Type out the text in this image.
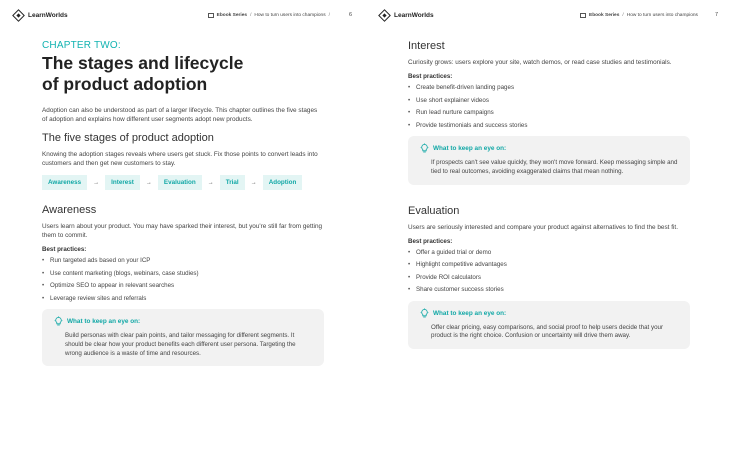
LearnWorlds	Ebook Series / How to turn users into champions /	6
CHAPTER TWO:
The stages and lifecycle
of product adoption

Adoption can also be understood as part of a larger lifecycle. This chapter outlines the five stages of adoption and explains how different user segments adopt new products.

The five stages of product adoption

Knowing the adoption stages reveals where users get stuck. Fix those points to convert leads into customers and then get new customers to stay.

Awareness	→	Interest	→	Evaluation	→	Trial	→	Adoption
Awareness

Users learn about your product. You may have sparked their interest, but you're still far from getting them to commit.

Best practices:
• Run targeted ads based on your ICP
• Use content marketing (blogs, webinars, case studies)
• Optimize SEO to appear in relevant searches
• Leverage review sites and referrals
What to keep an eye on:

Build personas with clear pain points, and tailor messaging for different segments. It should be clear how your product benefits each different user persona. Targeting the wrong audience is a waste of time and resources.

LearnWorlds	Ebook Series / How to turn users into champions	7
Interest

Curiosity grows: users explore your site, watch demos, or read case studies and testimonials.

Best practices:
• Create benefit-driven landing pages
• Use short explainer videos
• Run lead nurture campaigns
• Provide testimonials and success stories
What to keep an eye on:

If prospects can't see value quickly, they won't move forward. Keep messaging simple and tied to real outcomes, avoiding exaggerated claims that mean nothing.

Evaluation

Users are seriously interested and compare your product against alternatives to find the best fit.

Best practices:
• Offer a guided trial or demo
• Highlight competitive advantages
• Provide ROI calculators
• Share customer success stories
What to keep an eye on:

Offer clear pricing, easy comparisons, and social proof to help users decide that your product is the right choice. Confusion or uncertainty will drive them away.
